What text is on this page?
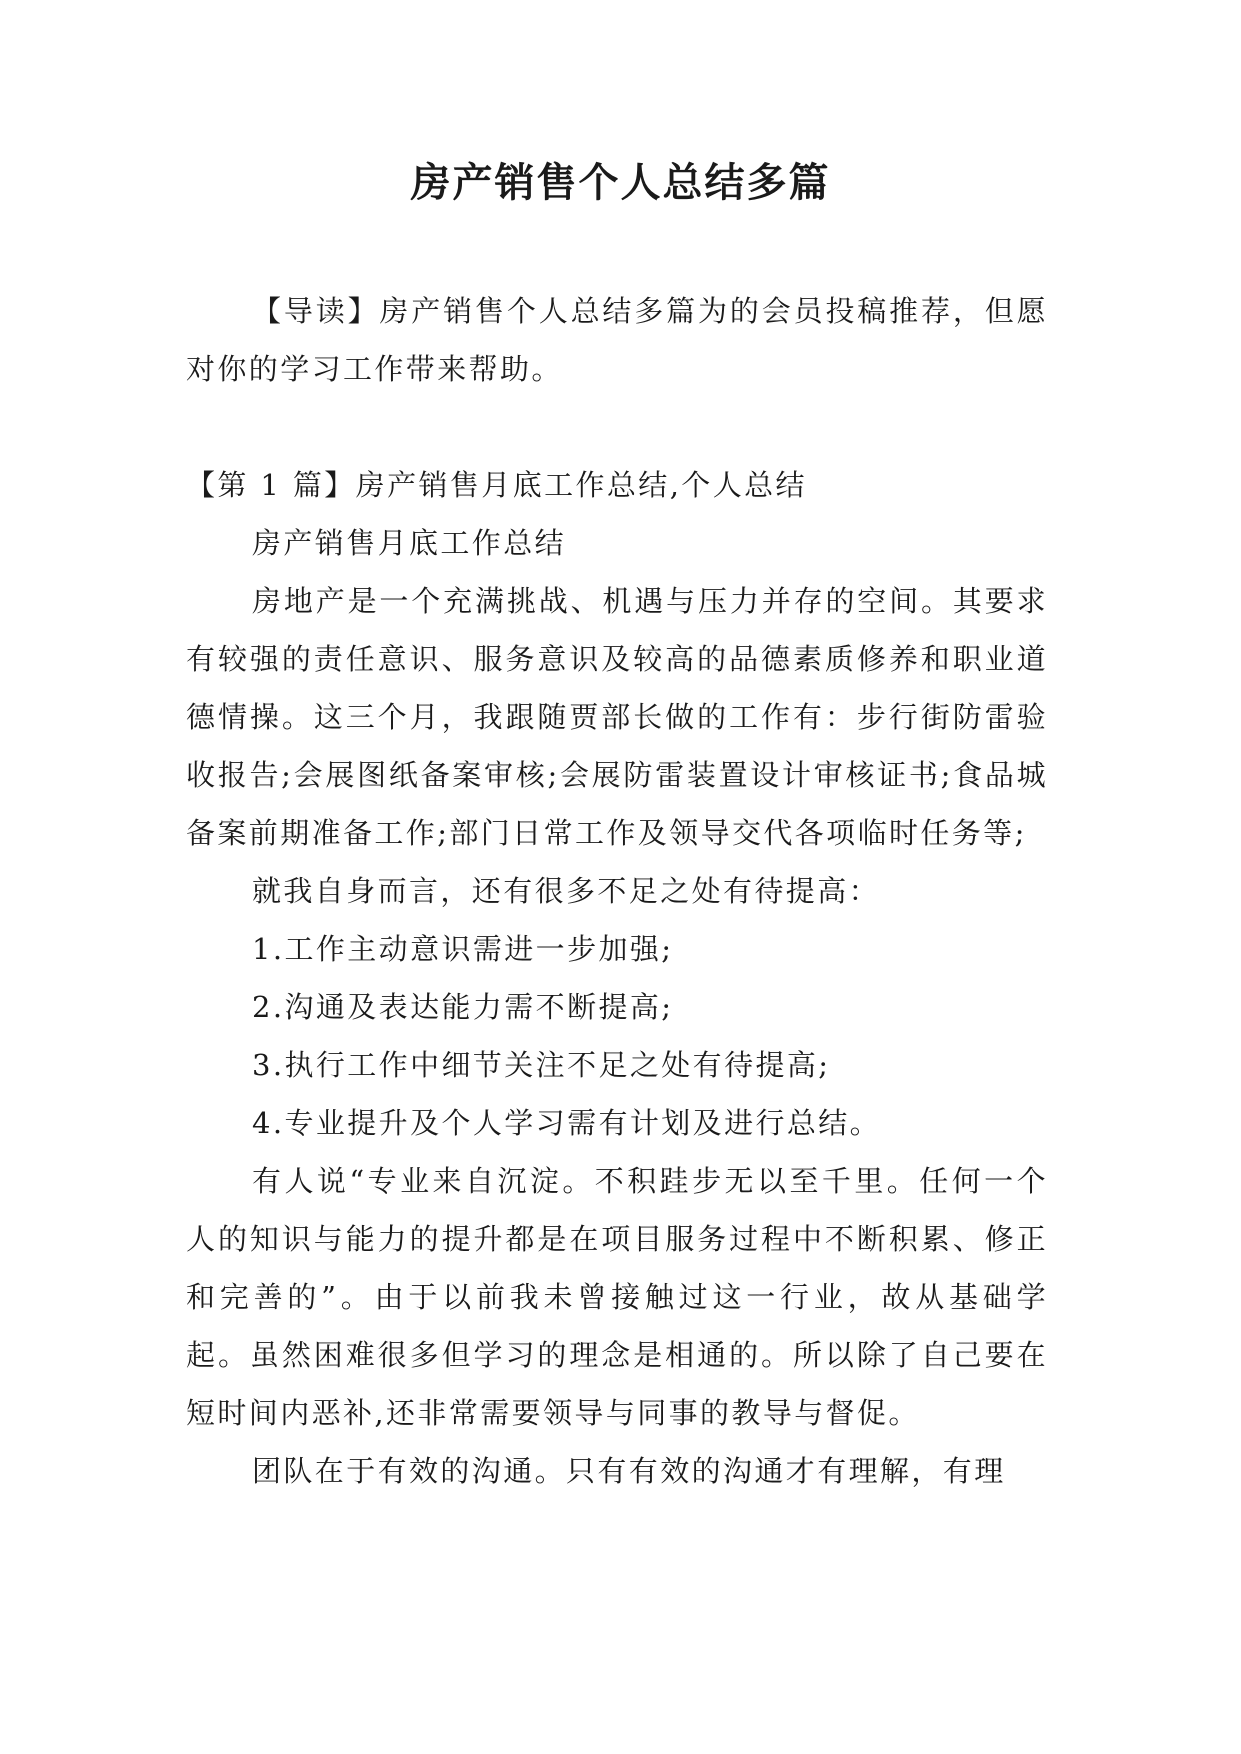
房产销售个人总结多篇

【导读】房产销售个人总结多篇为的会员投稿推荐，但愿对你的学习工作带来帮助。

【第 1 篇】房产销售月底工作总结,个人总结

房产销售月底工作总结

房地产是一个充满挑战、机遇与压力并存的空间。其要求有较强的责任意识、服务意识及较高的品德素质修养和职业道德情操。这三个月，我跟随贾部长做的工作有：步行街防雷验收报告;会展图纸备案审核;会展防雷装置设计审核证书;食品城备案前期准备工作;部门日常工作及领导交代各项临时任务等;

就我自身而言，还有很多不足之处有待提高：

1.工作主动意识需进一步加强;

2.沟通及表达能力需不断提高;

3.执行工作中细节关注不足之处有待提高;

4.专业提升及个人学习需有计划及进行总结。

有人说“专业来自沉淀。不积跬步无以至千里。任何一个人的知识与能力的提升都是在项目服务过程中不断积累、修正和完善的”。由于以前我未曾接触过这一行业，故从基础学起。虽然困难很多但学习的理念是相通的。所以除了自己要在短时间内恶补,还非常需要领导与同事的教导与督促。

团队在于有效的沟通。只有有效的沟通才有理解，有理
